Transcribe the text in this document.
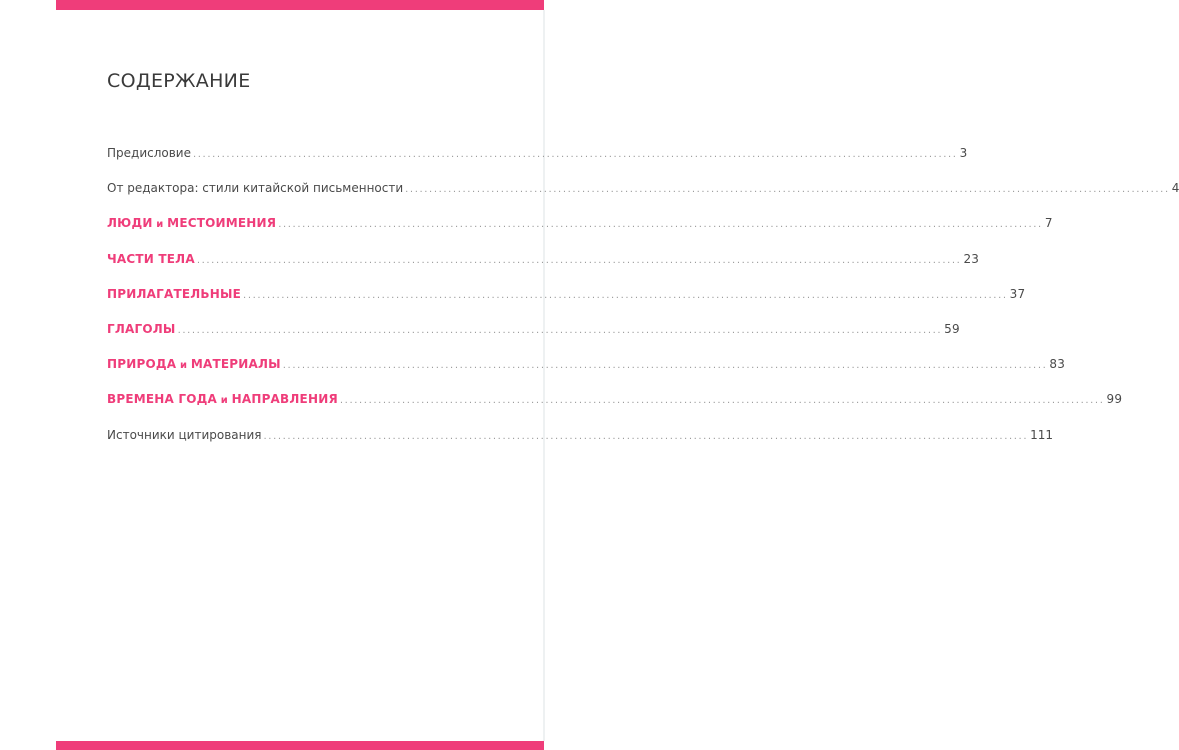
СОДЕРЖАНИЕ
Предисловие ................................................................................................................................................................ 3
От редактора: стили китайской письменности ................................................................................................................................................................ 4
ЛЮДИ и МЕСТОИМЕНИЯ ................................................................................................................................................................ 7
ЧАСТИ ТЕЛА ................................................................................................................................................................ 23
ПРИЛАГАТЕЛЬНЫЕ ................................................................................................................................................................ 37
ГЛАГОЛЫ ................................................................................................................................................................ 59
ПРИРОДА и МАТЕРИАЛЫ ................................................................................................................................................................ 83
ВРЕМЕНА ГОДА и НАПРАВЛЕНИЯ ................................................................................................................................................................ 99
Источники цитирования ................................................................................................................................................................ 111
